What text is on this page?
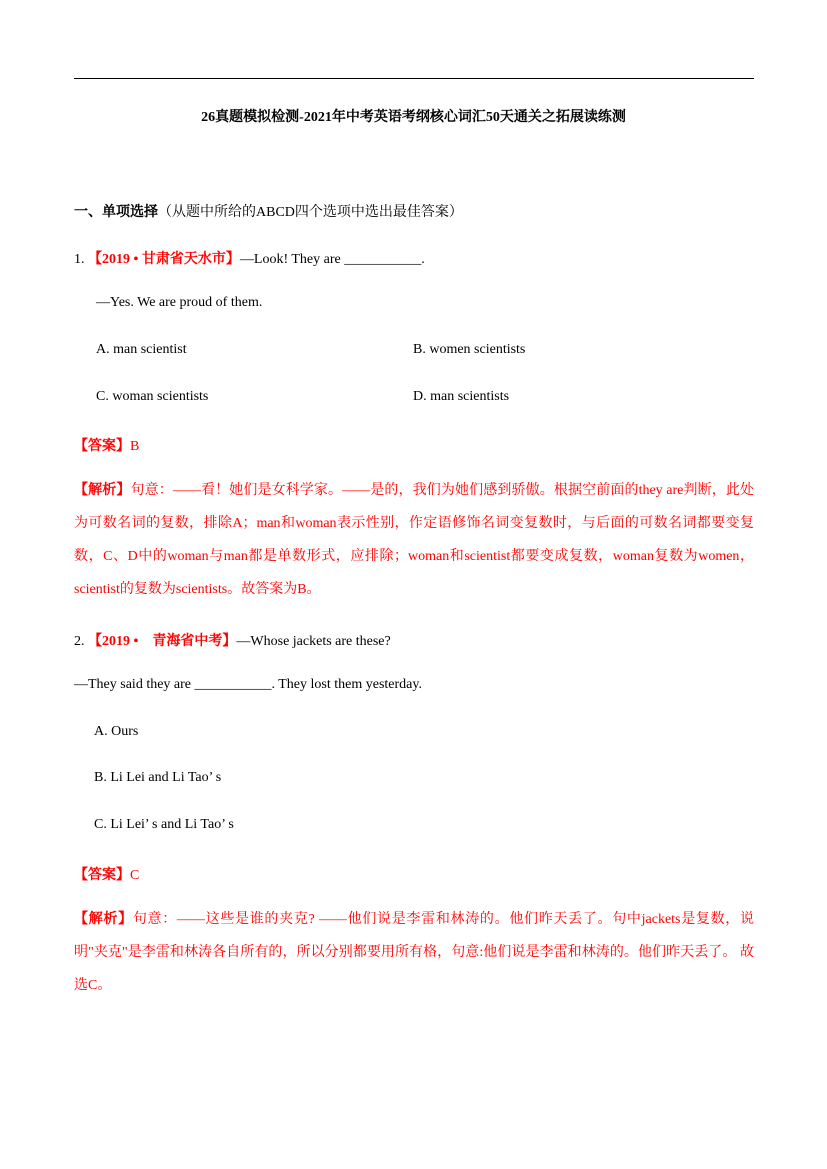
26真题模拟检测-2021年中考英语考纲核心词汇50天通关之拓展读练测
一、单项选择（从题中所给的ABCD四个选项中选出最佳答案）
1. 【2019 • 甘肃省天水市】—Look! They are ___________.
—Yes. We are proud of them.
A. man scientist	B. women scientists
C. woman scientists	D. man scientists
【答案】B
【解析】句意：——看！她们是女科学家。——是的，我们为她们感到骄傲。根据空前面的they are判断，此处为可数名词的复数，排除A；man和woman表示性别，作定语修饰名词变复数时，与后面的可数名词都要变复数，C、D中的woman与man都是单数形式，应排除；woman和scientist都要变成复数，woman复数为women，scientist的复数为scientists。故答案为B。
2. 【2019 •　青海省中考】—Whose jackets are these?
—They said they are ___________. They lost them yesterday.
A. Ours
B. Li Lei and Li Tao’ s
C. Li Lei’ s and Li Tao’ s
【答案】C
【解析】句意：——这些是谁的夹克? ——他们说是李雷和林涛的。他们昨天丢了。句中jackets是复数，说明"夹克"是李雷和林涛各自所有的，所以分别都要用所有格，句意:他们说是李雷和林涛的。他们昨天丢了。 故选C。
